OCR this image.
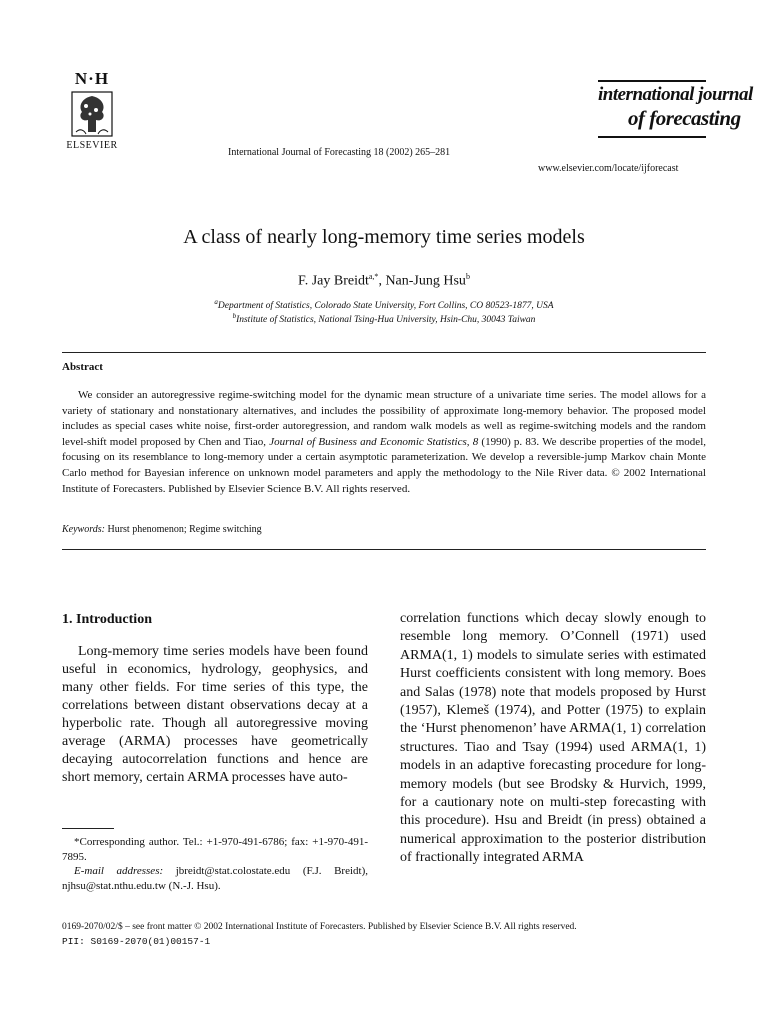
N·H
ELSEVIER
International Journal of Forecasting 18 (2002) 265–281
international journal
of forecasting
www.elsevier.com/locate/ijforecast
A class of nearly long-memory time series models
F. Jay Breidt$^{a,*}$, Nan-Jung Hsu$^b$
$^a$Department of Statistics, Colorado State University, Fort Collins, CO 80523-1877, USA
$^b$Institute of Statistics, National Tsing-Hua University, Hsin-Chu, 30043 Taiwan
Abstract
We consider an autoregressive regime-switching model for the dynamic mean structure of a univariate time series. The model allows for a variety of stationary and nonstationary alternatives, and includes the possibility of approximate long-memory behavior. The proposed model includes as special cases white noise, first-order autoregression, and random walk models as well as regime-switching models and the random level-shift model proposed by Chen and Tiao, Journal of Business and Economic Statistics, 8 (1990) p. 83. We describe properties of the model, focusing on its resemblance to long-memory under a certain asymptotic parameterization. We develop a reversible-jump Markov chain Monte Carlo method for Bayesian inference on unknown model parameters and apply the methodology to the Nile River data. © 2002 International Institute of Forecasters. Published by Elsevier Science B.V. All rights reserved.
Keywords: Hurst phenomenon; Regime switching
1. Introduction
Long-memory time series models have been found useful in economics, hydrology, geophysics, and many other fields. For time series of this type, the correlations between distant observations decay at a hyperbolic rate. Though all autoregressive moving average (ARMA) processes have geometrically decaying autocorrelation functions and hence are short memory, certain ARMA processes have auto-
correlation functions which decay slowly enough to resemble long memory. O’Connell (1971) used ARMA(1, 1) models to simulate series with estimated Hurst coefficients consistent with long memory. Boes and Salas (1978) note that models proposed by Hurst (1957), Klemeš (1974), and Potter (1975) to explain the ‘Hurst phenomenon’ have ARMA(1, 1) correlation structures. Tiao and Tsay (1994) used ARMA(1, 1) models in an adaptive forecasting procedure for long-memory models (but see Brodsky & Hurvich, 1999, for a cautionary note on multi-step forecasting with this procedure). Hsu and Breidt (in press) obtained a numerical approximation to the posterior distribution of fractionally integrated ARMA

*Corresponding author. Tel.: +1-970-491-6786; fax: +1-970-491-7895.

E-mail addresses: jbreidt@stat.colostate.edu (F.J. Breidt), njhsu@stat.nthu.edu.tw (N.-J. Hsu).

0169-2070/02/$ – see front matter © 2002 International Institute of Forecasters. Published by Elsevier Science B.V. All rights reserved.
PII: S0169-2070(01)00157-1
